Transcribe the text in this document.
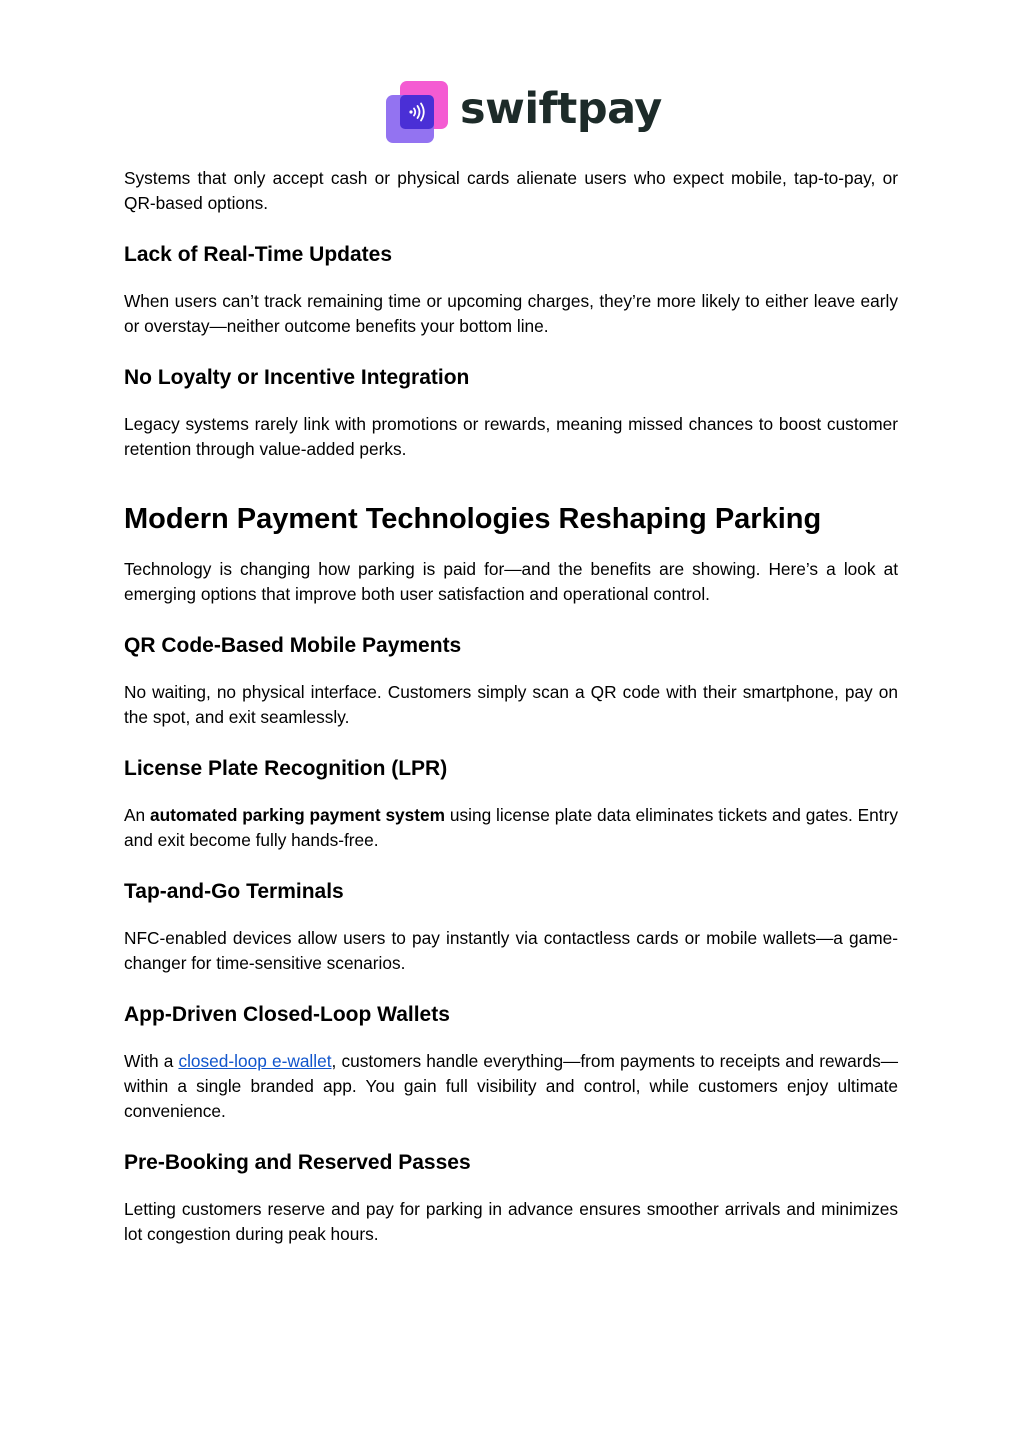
swiftpay

Systems that only accept cash or physical cards alienate users who expect mobile, tap-to-pay, or QR-based options.

Lack of Real-Time Updates

When users can’t track remaining time or upcoming charges, they’re more likely to either leave early or overstay—neither outcome benefits your bottom line.

No Loyalty or Incentive Integration

Legacy systems rarely link with promotions or rewards, meaning missed chances to boost customer retention through value-added perks.

Modern Payment Technologies Reshaping Parking

Technology is changing how parking is paid for—and the benefits are showing. Here’s a look at emerging options that improve both user satisfaction and operational control.

QR Code-Based Mobile Payments

No waiting, no physical interface. Customers simply scan a QR code with their smartphone, pay on the spot, and exit seamlessly.

License Plate Recognition (LPR)

An automated parking payment system using license plate data eliminates tickets and gates. Entry and exit become fully hands-free.

Tap-and-Go Terminals

NFC-enabled devices allow users to pay instantly via contactless cards or mobile wallets—a game-changer for time-sensitive scenarios.

App-Driven Closed-Loop Wallets

With a closed-loop e-wallet, customers handle everything—from payments to receipts and rewards—within a single branded app. You gain full visibility and control, while customers enjoy ultimate convenience.

Pre-Booking and Reserved Passes

Letting customers reserve and pay for parking in advance ensures smoother arrivals and minimizes lot congestion during peak hours.
